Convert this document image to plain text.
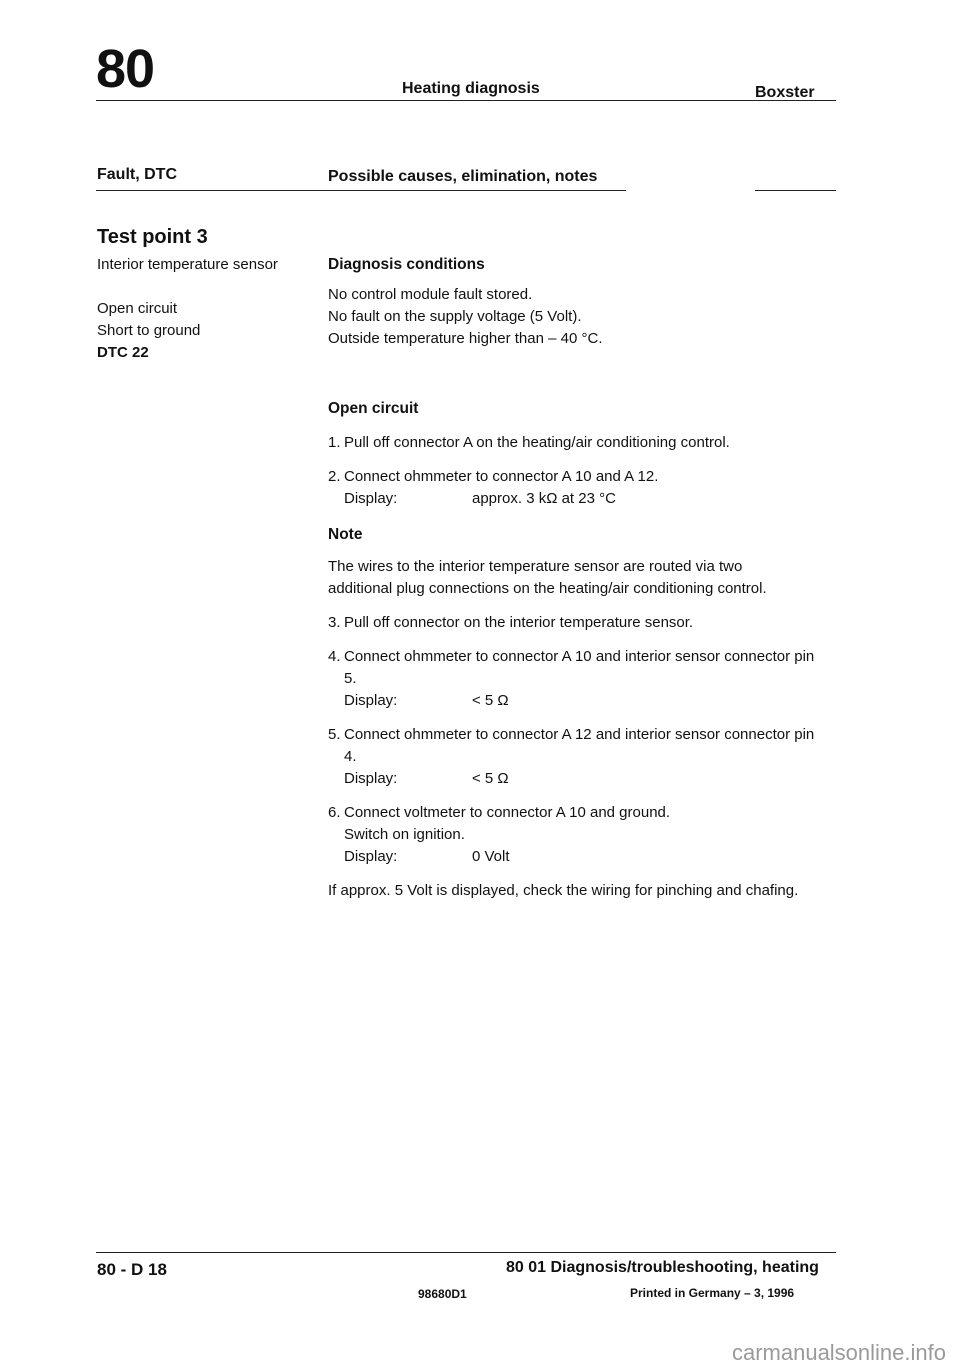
80	Heating diagnosis	Boxster
Fault, DTC	Possible causes, elimination, notes
Test point 3
Interior temperature sensor
Open circuit
Short to ground
DTC 22
Diagnosis conditions
No control module fault stored.
No fault on the supply voltage (5 Volt).
Outside temperature higher than – 40 °C.
Open circuit
1. Pull off connector A on the heating/air conditioning control.
2. Connect ohmmeter to connector A 10 and A 12.
Display:	approx. 3 kΩ at 23 °C
Note
The wires to the interior temperature sensor are routed via two additional plug connections on the heating/air conditioning control.
3. Pull off connector on the interior temperature sensor.
4. Connect ohmmeter to connector A 10 and interior sensor connector pin 5.
Display:	< 5 Ω
5. Connect ohmmeter to connector A 12 and interior sensor connector pin 4.
Display:	< 5 Ω
6. Connect voltmeter to connector A 10 and ground.
Switch on ignition.
Display:	0 Volt
If approx. 5 Volt is displayed, check the wiring for pinching and chafing.
80 - D 18	80 01 Diagnosis/troubleshooting, heating
98680D1	Printed in Germany – 3, 1996
carmanualsonline.info
